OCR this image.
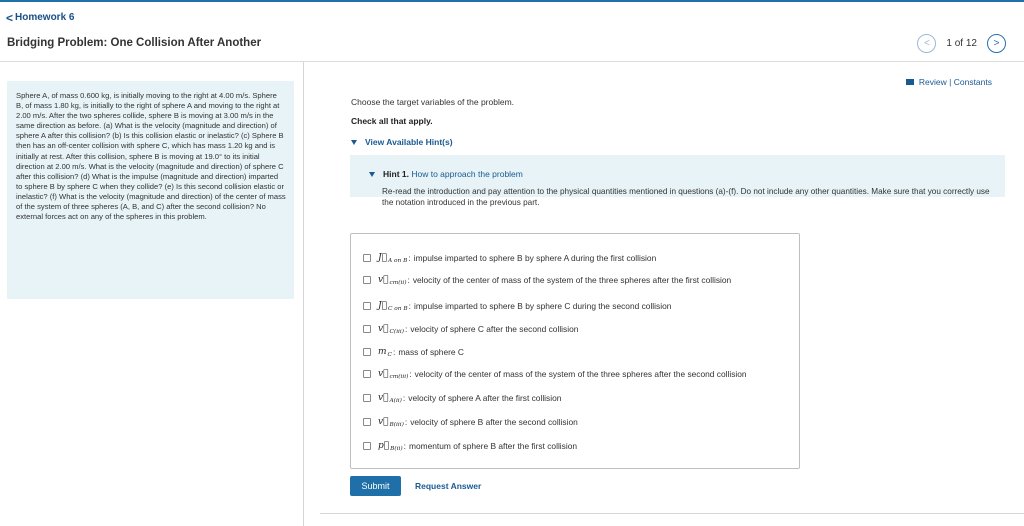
< Homework 6
Bridging Problem: One Collision After Another	< 1 of 12 >
Sphere A, of mass 0.600 kg, is initially moving to the right at 4.00 m/s. Sphere B, of mass 1.80 kg, is initially to the right of sphere A and moving to the right at 2.00 m/s. After the two spheres collide, sphere B is moving at 3.00 m/s in the same direction as before. (a) What is the velocity (magnitude and direction) of sphere A after this collision? (b) Is this collision elastic or inelastic? (c) Sphere B then has an off-center collision with sphere C, which has mass 1.20 kg and is initially at rest. After this collision, sphere B is moving at 19.0° to its initial direction at 2.00 m/s. What is the velocity (magnitude and direction) of sphere C after this collision? (d) What is the impulse (magnitude and direction) imparted to sphere B by sphere C when they collide? (e) Is this second collision elastic or inelastic? (f) What is the velocity (magnitude and direction) of the center of mass of the system of three spheres (A, B, and C) after the second collision? No external forces act on any of the spheres in this problem.
Review | Constants
Choose the target variables of the problem.
Check all that apply.
View Available Hint(s)
Hint 1. How to approach the problem
Re-read the introduction and pay attention to the physical quantities mentioned in questions (a)-(f). Do not include any other quantities. Make sure that you correctly use the notation introduced in the previous part.
J⃗ A on B : impulse imparted to sphere B by sphere A during the first collision
v⃗ cm(ii) : velocity of the center of mass of the system of the three spheres after the first collision
J⃗ C on B : impulse imparted to sphere B by sphere C during the second collision
v⃗ C(iii) : velocity of sphere C after the second collision
m C : mass of sphere C
v⃗ cm(iii) : velocity of the center of mass of the system of the three spheres after the second collision
v⃗ A(ii) : velocity of sphere A after the first collision
v⃗ B(iii) : velocity of sphere B after the second collision
p⃗ B(ii) : momentum of sphere B after the first collision
Submit	Request Answer
